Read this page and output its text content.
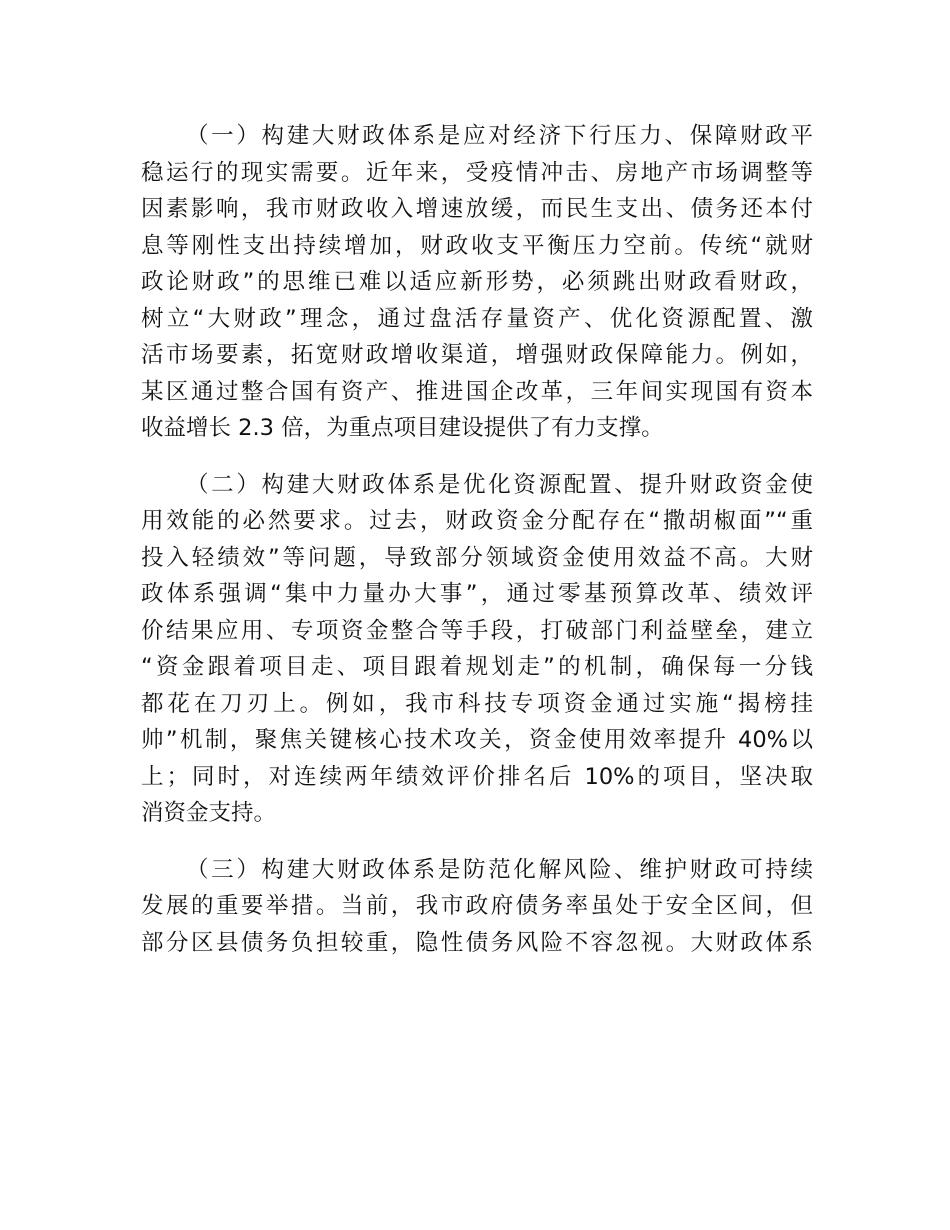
（一）构建大财政体系是应对经济下行压力、保障财政平
稳运行的现实需要。近年来，受疫情冲击、房地产市场调整等
因素影响，我市财政收入增速放缓，而民生支出、债务还本付
息等刚性支出持续增加，财政收支平衡压力空前。传统“就财
政论财政”的思维已难以适应新形势，必须跳出财政看财政，
树立“大财政”理念，通过盘活存量资产、优化资源配置、激
活市场要素，拓宽财政增收渠道，增强财政保障能力。例如，
某区通过整合国有资产、推进国企改革，三年间实现国有资本
收益增长 2.3 倍，为重点项目建设提供了有力支撑。
（二）构建大财政体系是优化资源配置、提升财政资金使
用效能的必然要求。过去，财政资金分配存在“撒胡椒面”“重
投入轻绩效”等问题，导致部分领域资金使用效益不高。大财
政体系强调“集中力量办大事”，通过零基预算改革、绩效评
价结果应用、专项资金整合等手段，打破部门利益壁垒，建立
“资金跟着项目走、项目跟着规划走”的机制，确保每一分钱
都花在刀刃上。例如，我市科技专项资金通过实施“揭榜挂
帅”机制，聚焦关键核心技术攻关，资金使用效率提升 40%以
上；同时，对连续两年绩效评价排名后 10%的项目，坚决取
消资金支持。
（三）构建大财政体系是防范化解风险、维护财政可持续
发展的重要举措。当前，我市政府债务率虽处于安全区间，但
部分区县债务负担较重，隐性债务风险不容忽视。大财政体系
